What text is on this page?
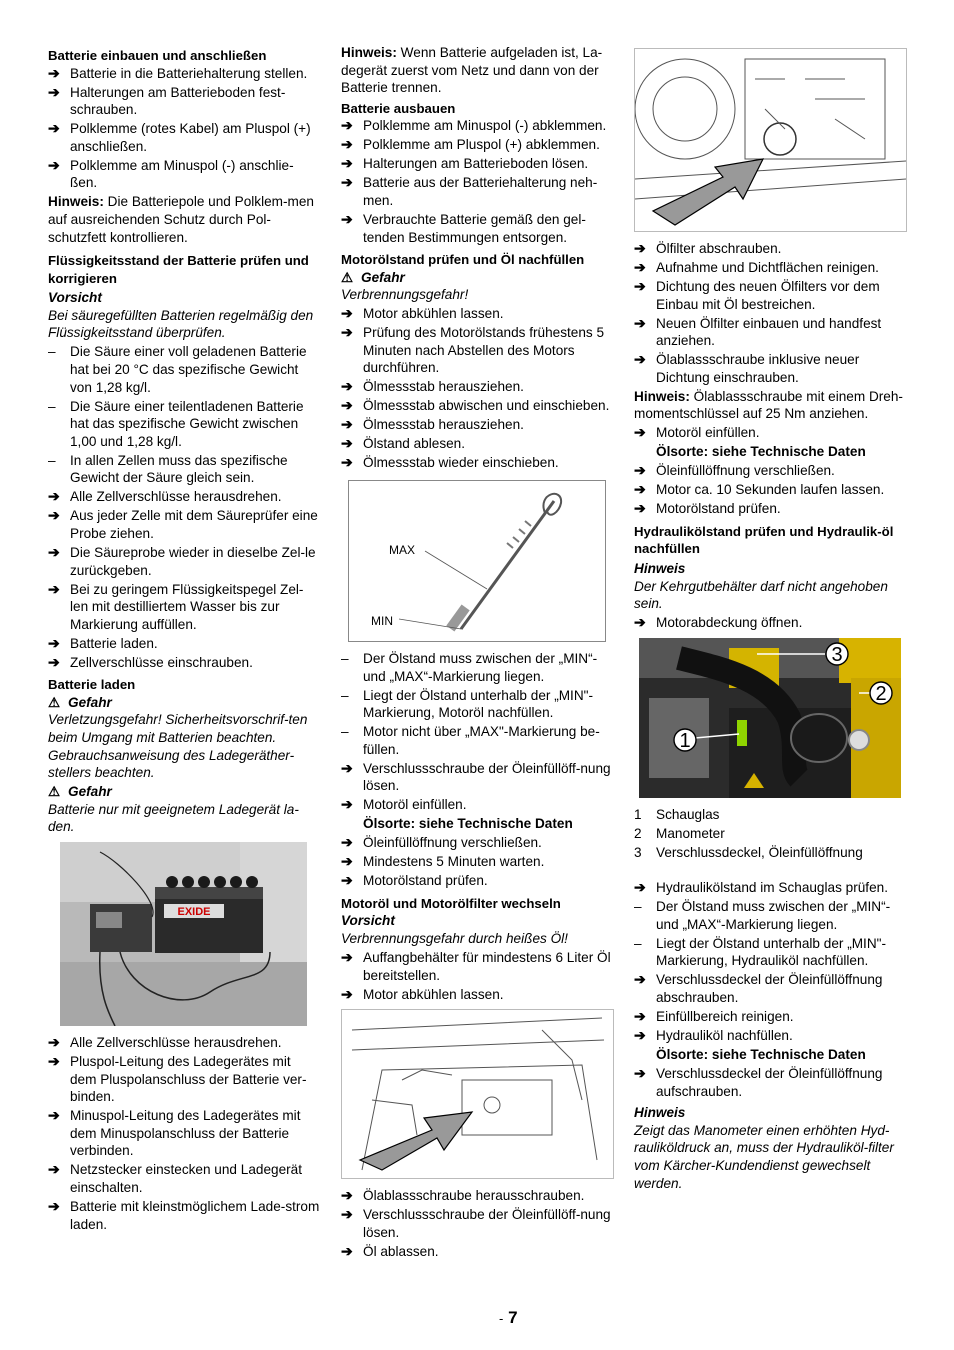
Batterie einbauen und anschließen
➔ Batterie in die Batteriehalterung stellen.
➔ Halterungen am Batterieboden fest-schrauben.
➔ Polklemme (rotes Kabel) am Pluspol (+) anschließen.
➔ Polklemme am Minuspol (-) anschlie-ßen.

Hinweis: Die Batteriepole und Polklem-men auf ausreichenden Schutz durch Pol-schutzfett kontrollieren.

Flüssigkeitsstand der Batterie prüfen und korrigieren
Vorsicht

Bei säuregefüllten Batterien regelmäßig den Flüssigkeitsstand überprüfen.

–	Die Säure einer voll geladenen Batterie hat bei 20 °C das spezifische Gewicht von 1,28 kg/l.
–	Die Säure einer teilentladenen Batterie hat das spezifische Gewicht zwischen 1,00 und 1,28 kg/l.
–	In allen Zellen muss das spezifische Gewicht der Säure gleich sein.
➔ Alle Zellverschlüsse herausdrehen.
➔ Aus jeder Zelle mit dem Säureprüfer eine Probe ziehen.
➔ Die Säureprobe wieder in dieselbe Zel-le zurückgeben.
➔ Bei zu geringem Flüssigkeitspegel Zel-len mit destilliertem Wasser bis zur Markierung auffüllen.
➔ Batterie laden.
➔ Zellverschlüsse einschrauben.
Batterie laden
⚠ Gefahr

Verletzungsgefahr! Sicherheitsvorschrif-ten beim Umgang mit Batterien beachten. Gebrauchsanweisung des Ladegeräther-stellers beachten.

⚠ Gefahr

Batterie nur mit geeignetem Ladegerät la-den.

EXIDE
➔ Alle Zellverschlüsse herausdrehen.
➔ Pluspol-Leitung des Ladegerätes mit dem Pluspolanschluss der Batterie ver-binden.
➔ Minuspol-Leitung des Ladegerätes mit dem Minuspolanschluss der Batterie verbinden.
➔ Netzstecker einstecken und Ladegerät einschalten.
➔ Batterie mit kleinstmöglichem Lade-strom laden.

Hinweis: Wenn Batterie aufgeladen ist, La-degerät zuerst vom Netz und dann von der Batterie trennen.

Batterie ausbauen
➔ Polklemme am Minuspol (-) abklemmen.
➔ Polklemme am Pluspol (+) abklemmen.
➔ Halterungen am Batterieboden lösen.
➔ Batterie aus der Batteriehalterung neh-men.
➔ Verbrauchte Batterie gemäß den gel-tenden Bestimmungen entsorgen.
Motorölstand prüfen und Öl nachfüllen
⚠ Gefahr

Verbrennungsgefahr!

➔ Motor abkühlen lassen.
➔ Prüfung des Motorölstands frühestens 5 Minuten nach Abstellen des Motors durchführen.
➔ Ölmessstab herausziehen.
➔ Ölmessstab abwischen und einschieben.
➔ Ölmessstab herausziehen.
➔ Ölstand ablesen.
➔ Ölmessstab wieder einschieben.
MAX
MIN
–	Der Ölstand muss zwischen der „MIN“- und „MAX“-Markierung liegen.
–	Liegt der Ölstand unterhalb der „MIN"-Markierung, Motoröl nachfüllen.
–	Motor nicht über „MAX"-Markierung be-füllen.
➔ Verschlussschraube der Öleinfüllöff-nung lösen.
➔ Motoröl einfüllen.

Ölsorte: siehe Technische Daten

➔ Öleinfüllöffnung verschließen.
➔ Mindestens 5 Minuten warten.
➔ Motorölstand prüfen.
Motoröl und Motorölfilter wechseln
Vorsicht

Verbrennungsgefahr durch heißes Öl!

➔ Auffangbehälter für mindestens 6 Liter Öl bereitstellen.
➔ Motor abkühlen lassen.
➔ Ölablassschraube herausschrauben.
➔ Verschlussschraube der Öleinfüllöff-nung lösen.
➔ Öl ablassen.
➔ Ölfilter abschrauben.
➔ Aufnahme und Dichtflächen reinigen.
➔ Dichtung des neuen Ölfilters vor dem Einbau mit Öl bestreichen.
➔ Neuen Ölfilter einbauen und handfest anziehen.
➔ Ölablassschraube inklusive neuer Dichtung einschrauben.

Hinweis: Ölablassschraube mit einem Dreh-momentschlüssel auf 25 Nm anziehen.

➔ Motoröl einfüllen.

Ölsorte: siehe Technische Daten

➔ Öleinfüllöffnung verschließen.
➔ Motor ca. 10 Sekunden laufen lassen.
➔ Motorölstand prüfen.
Hydraulikölstand prüfen und Hydraulik-öl nachfüllen
Hinweis

Der Kehrgutbehälter darf nicht angehoben sein.

➔ Motorabdeckung öffnen.
3
2
1
1	Schauglas
2	Manometer
3	Verschlussdeckel, Öleinfüllöffnung
➔ Hydraulikölstand im Schauglas prüfen.
–	Der Ölstand muss zwischen der „MIN“- und „MAX“-Markierung liegen.
–	Liegt der Ölstand unterhalb der „MIN"-Markierung, Hydrauliköl nachfüllen.
➔ Verschlussdeckel der Öleinfüllöffnung abschrauben.
➔ Einfüllbereich reinigen.
➔ Hydrauliköl nachfüllen.

Ölsorte: siehe Technische Daten

➔ Verschlussdeckel der Öleinfüllöffnung aufschrauben.
Hinweis

Zeigt das Manometer einen erhöhten Hyd-rauliköldruck an, muss der Hydrauliköl-filter vom Kärcher-Kundendienst gewechselt werden.

- 7
